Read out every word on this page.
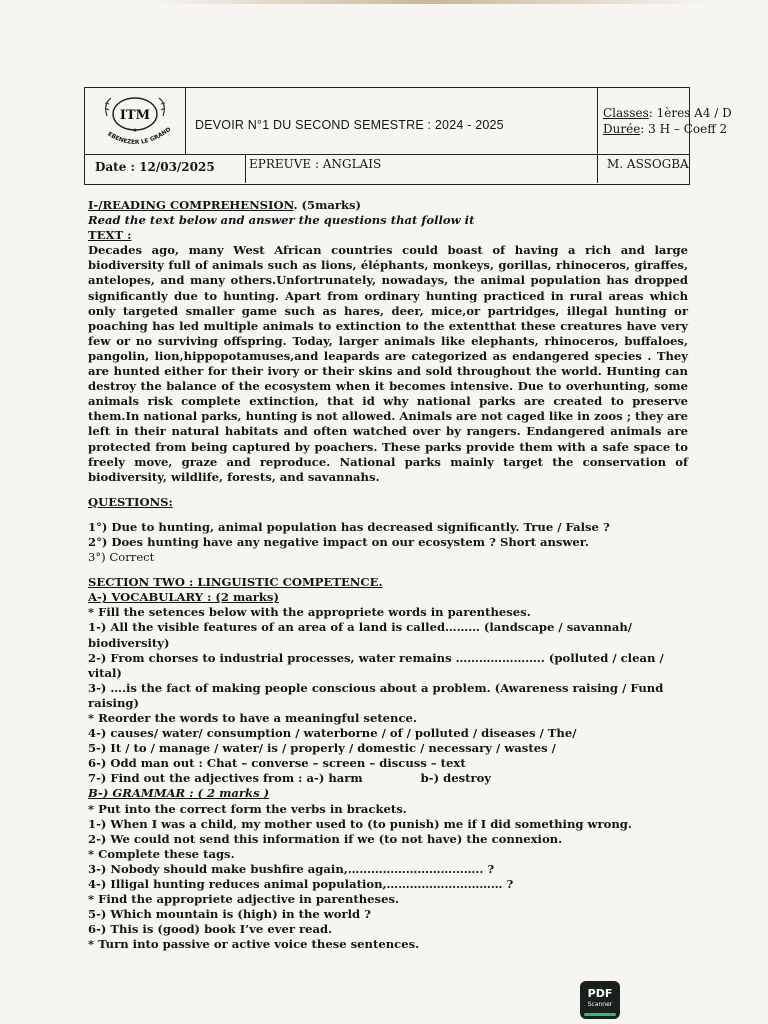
ITM
★
EBENEZER LE GRAND DEVOIR N°1 DU SECOND SEMESTRE : 2024 - 2025
Classes: 1ères A4 / D
Durée: 3 H – Coeff 2
Date : 12/03/2025	EPREUVE : ANGLAIS	M. ASSOGBA

I-/READING COMPREHENSION. (5marks)

Read the text below and answer the questions that follow it

TEXT :

Decades ago, many West African countries could boast of having a rich and large biodiversity full of animals such as lions, éléphants, monkeys, gorillas, rhinoceros, giraffes, antelopes, and many others.Unfortrunately, nowadays, the animal population has dropped significantly due to hunting. Apart from ordinary hunting practiced in rural areas which only targeted smaller game such as hares, deer, mice,or partridges, illegal hunting or poaching has led multiple animals to extinction to the extentthat these creatures have very few or no surviving offspring. Today, larger animals like elephants, rhinoceros, buffaloes, pangolin, lion,hippopotamuses,and leapards are categorized as endangered species . They are hunted either for their ivory or their skins and sold throughout the world. Hunting can destroy the balance of the ecosystem when it becomes intensive. Due to overhunting, some animals risk complete extinction, that id why national parks are created to preserve them.In national parks, hunting is not allowed. Animals are not caged like in zoos ; they are left in their natural habitats and often watched over by rangers. Endangered animals are protected from being captured by poachers. These parks provide them with a safe space to freely move, graze and reproduce. National parks mainly target the conservation of biodiversity, wildlife, forests, and savannahs.

QUESTIONS:

1°) Due to hunting, animal population has decreased significantly. True / False ?

2°) Does hunting have any negative impact on our ecosystem ? Short answer.

3°) Correct

SECTION TWO : LINGUISTIC COMPETENCE.

A-) VOCABULARY : (2 marks)

* Fill the setences below with the appropriete words in parentheses.

1-) All the visible features of an area of a land is called……… (landscape / savannah/ biodiversity)

2-) From chorses to industrial processes, water remains ………………….. (polluted / clean / vital)

3-) ….is the fact of making people conscious about a problem. (Awareness raising / Fund raising)

* Reorder the words to have a meaningful setence.

4-) causes/ water/ consumption / waterborne / of / polluted / diseases / The/

5-) It / to / manage / water/ is / properly / domestic / necessary / wastes /

6-) Odd man out : Chat – converse – screen – discuss – text

7-) Find out the adjectives from : a-) harm	b-) destroy

B-) GRAMMAR : ( 2 marks )

* Put into the correct form the verbs in brackets.

1-) When I was a child, my mother used to (to punish) me if I did something wrong.

2-) We could not send this information if we (to not have) the connexion.

* Complete these tags.

3-) Nobody should make bushfire again,…………………………….. ?

4-) Illigal hunting reduces animal population,………………………… ?

* Find the appropriete adjective in parentheses.

5-) Which mountain is (high) in the world ?

6-) This is (good) book I’ve ever read.

* Turn into passive or active voice these sentences.

PDF
Scanner
